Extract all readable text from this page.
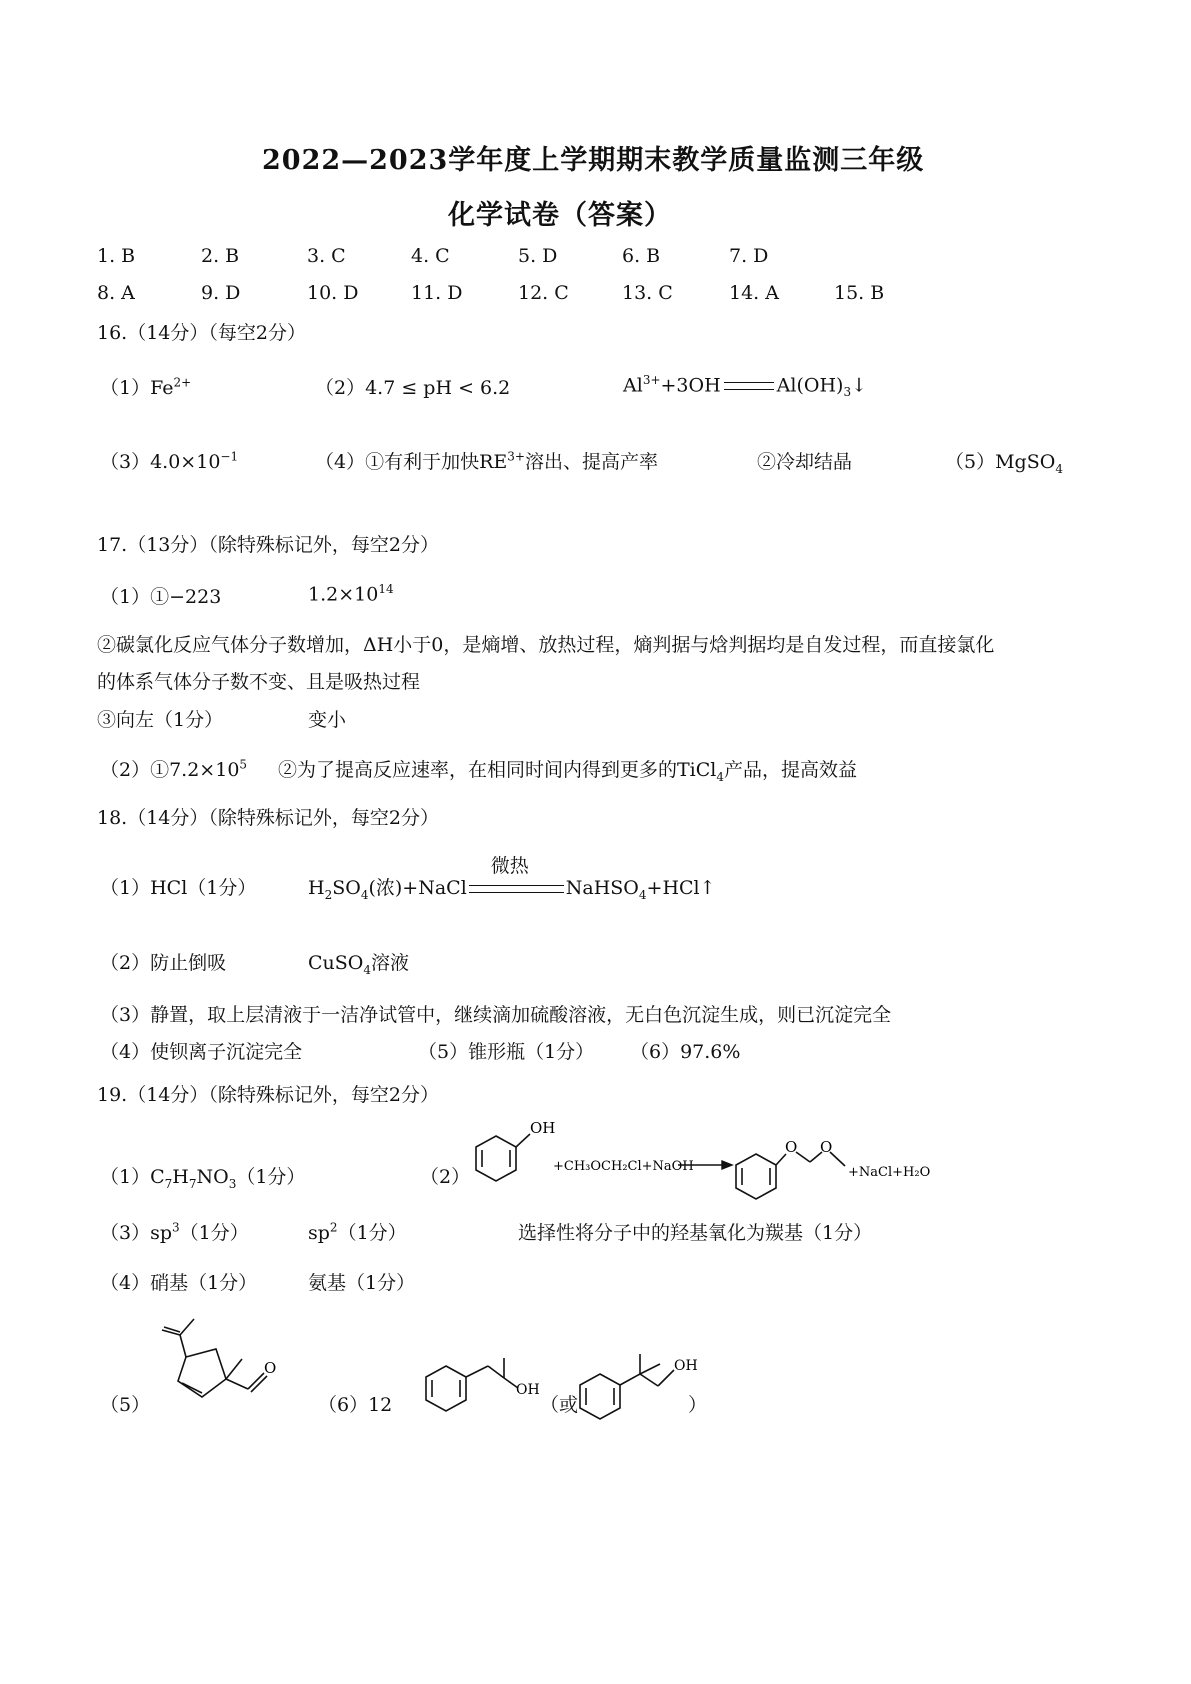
2022—2023学年度上学期期末教学质量监测三年级
化学试卷（答案）
1. B	2. B	3. C	4. C	5. D	6. B	7. D
8. A	9. D	10. D	11. D	12. C	13. C	14. A	15. B
16.（14分）（每空2分）
$(1)Fe^{2+}$	（2）4.7 ≤ pH < 6.2	$Al^{3+}+3OH$	$Al(OH)_3↓$
$(3)4.0\times 10^{-1}$	（4）①有利于加快$RE^{3+}$溶出、提高产率	②冷却结晶	（5）MgSO$_4$
17.（13分）（除特殊标记外，每空2分）
（1）①−223	$1.2\times 10^{14}$
②碳氯化反应气体分子数增加，ΔH小于0，是熵增、放热过程，熵判据与焓判据均是自发过程，而直接氯化
的体系气体分子数不变、且是吸热过程
③向左（1分）	变小
$(2)①7.2\times 10^5$ ②为了提高反应速率，在相同时间内得到更多的TiCl$_4$产品，提高效益
18.（14分）（除特殊标记外，每空2分）
（1）HCl（1分）	$H_2SO_4$(浓)+NaCl
微热
NaHSO$_4$+HCl↑
（2）防止倒吸	CuSO$_4$溶液
（3）静置，取上层清液于一洁净试管中，继续滴加硫酸溶液，无白色沉淀生成，则已沉淀完全
（4）使钡离子沉淀完全	（5）锥形瓶（1分） （6）97.6%
19.（14分）（除特殊标记外，每空2分）
$(1)C_7H_7NO_3(1$分）	（2）
OH
+CH₃OCH₂Cl+NaOH
O O
+NaCl+H₂O
$(3)sp^3(1$分）	$sp^2(1$分）	选择性将分子中的羟基氧化为羰基（1分）
（4）硝基（1分）	氨基（1分）
（5）
O
（6）12
OH
（或
OH
）
